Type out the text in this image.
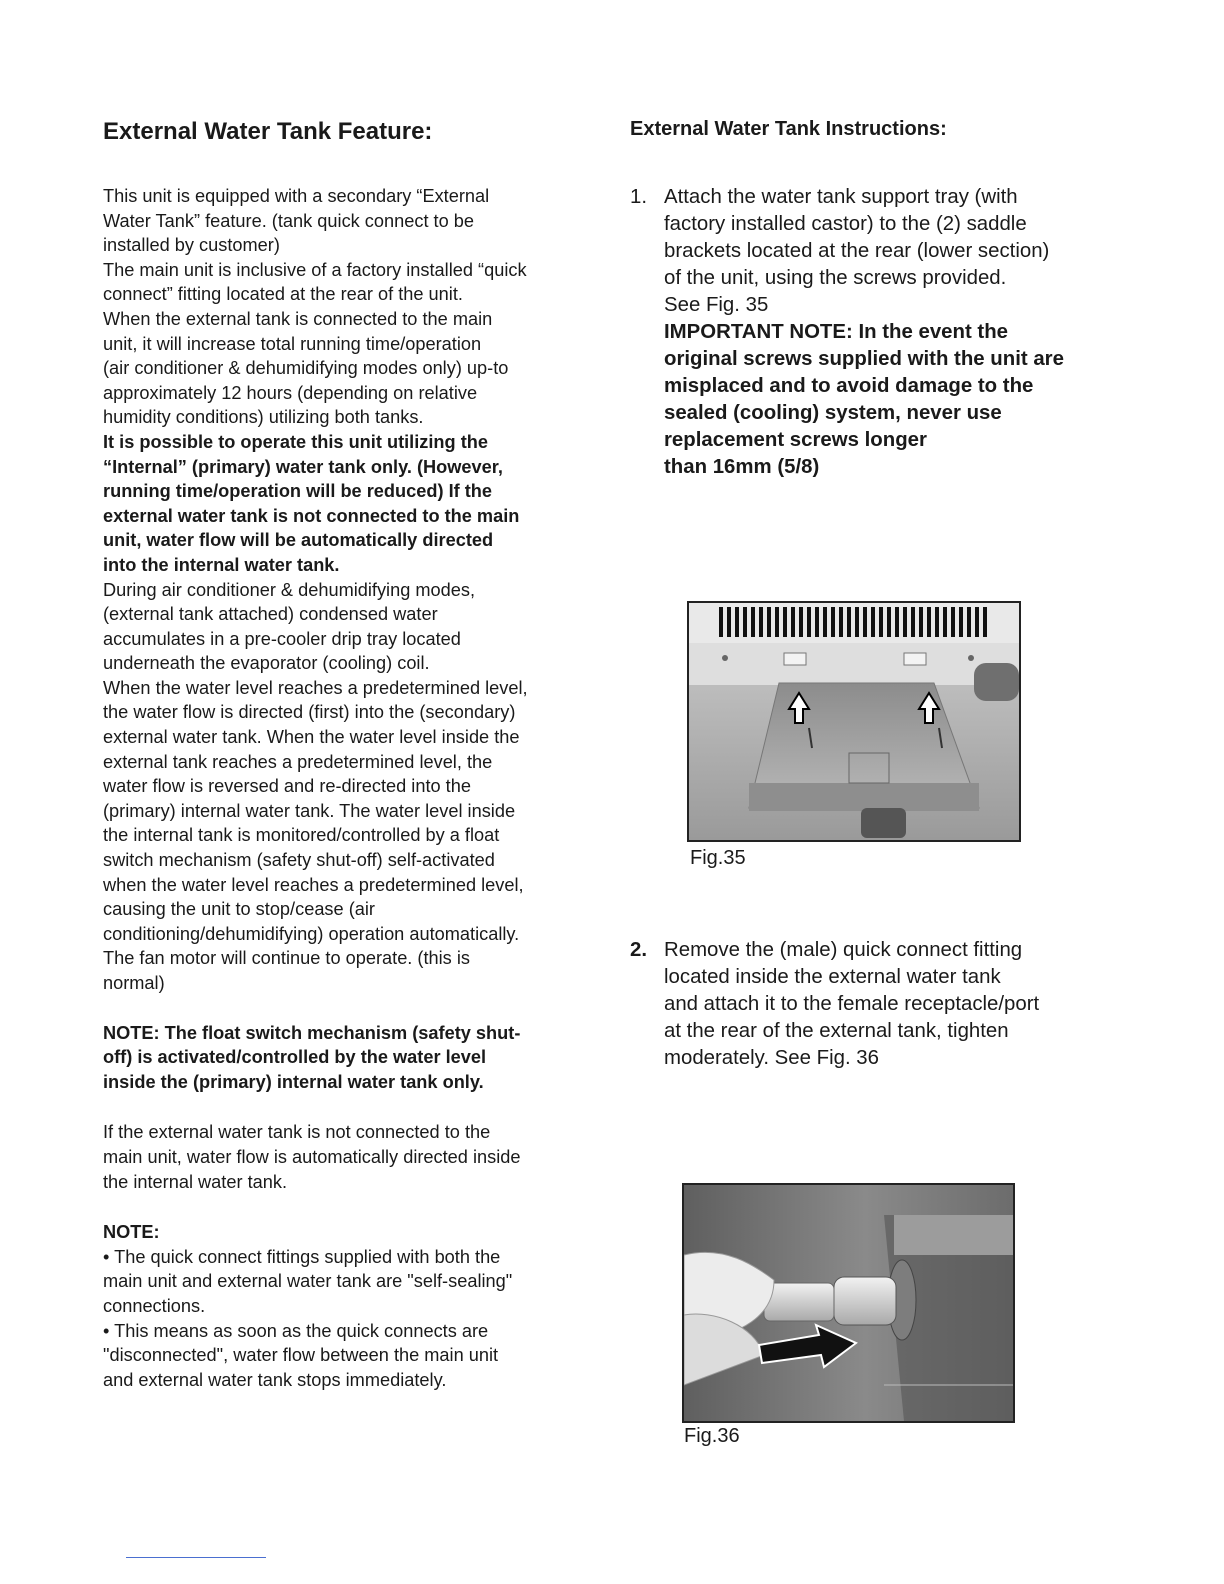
External Water Tank Feature:

This unit is equipped with a secondary “External

Water Tank” feature. (tank quick connect to be

installed by customer)

The main unit is inclusive of a factory installed “quick

connect” fitting located at the rear of the unit.

When the external tank is connected to the main

unit, it will increase total running time/operation

(air conditioner & dehumidifying modes only) up-to

approximately 12 hours (depending on relative

humidity conditions) utilizing both tanks.

It is possible to operate this unit utilizing the

“Internal” (primary) water tank only. (However,

running time/operation will be reduced) If the

external water tank is not connected to the main

unit, water flow will be automatically directed

into the internal water tank.

During air conditioner & dehumidifying modes,

(external tank attached) condensed water

accumulates in a pre-cooler drip tray located

underneath the evaporator (cooling) coil.

When the water level reaches a predetermined level,

the water flow is directed (first) into the (secondary)

external water tank. When the water level inside the

external tank reaches a predetermined level, the

water flow is reversed and re-directed into the

(primary) internal water tank. The water level inside

the internal tank is monitored/controlled by a float

switch mechanism (safety shut-off) self-activated

when the water level reaches a predetermined level,

causing the unit to stop/cease (air

conditioning/dehumidifying) operation automatically.

The fan motor will continue to operate. (this is

normal)

NOTE: The float switch mechanism (safety shut-

off) is activated/controlled by the water level

inside the (primary) internal water tank only.

If the external water tank is not connected to the

main unit, water flow is automatically directed inside

the internal water tank.

NOTE:

• The quick connect fittings supplied with both the

main unit and external water tank are "self-sealing"

connections.

• This means as soon as the quick connects are

"disconnected", water flow between the main unit

and external water tank stops immediately.

External Water Tank Instructions:
1. Attach the water tank support tray (with
factory installed castor) to the (2) saddle
brackets located at the rear (lower section)
of the unit, using the screws provided.
See Fig. 35
IMPORTANT NOTE: In the event the
original screws supplied with the unit are
misplaced and to avoid damage to the
sealed (cooling) system, never use
replacement screws longer
than 16mm (5/8)
Fig.35
2. Remove the (male) quick connect fitting
located inside the external water tank
and attach it to the female receptacle/port
at the rear of the external tank, tighten
moderately. See Fig. 36
Fig.36
